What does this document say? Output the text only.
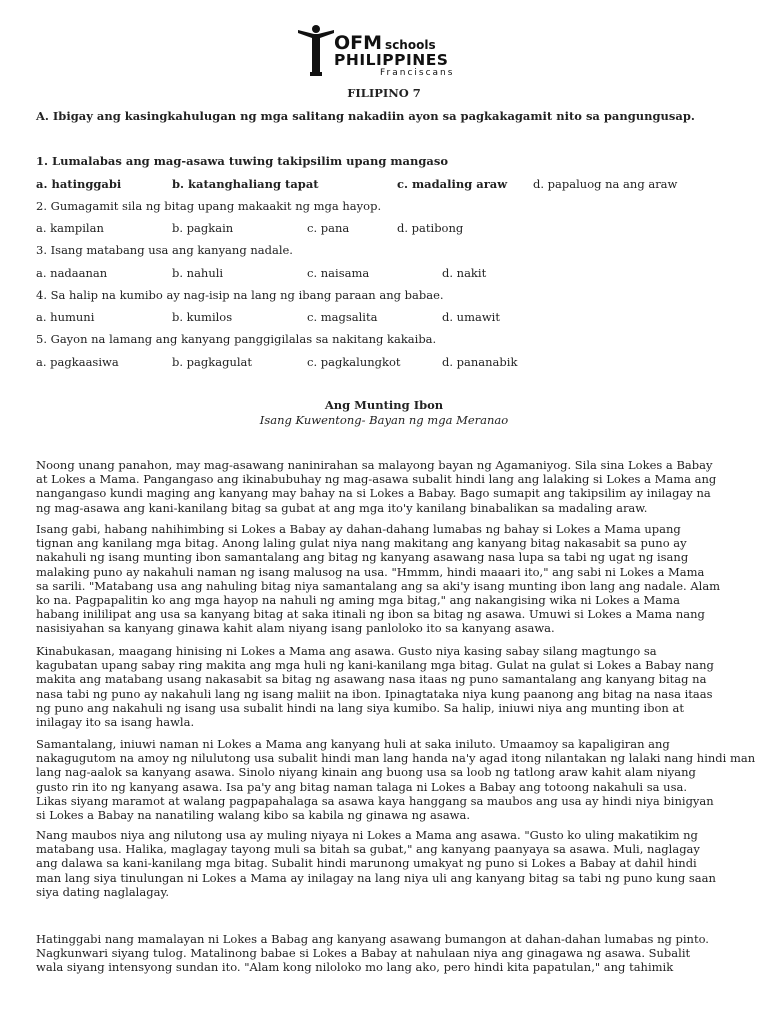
OFM schools
PHILIPPINES
Franciscans
FILIPINO 7
A. Ibigay ang kasingkahulugan ng mga salitang nakadiin ayon sa pagkakagamit nito sa pangungusap.
1. Lumalabas ang mag-asawa tuwing takipsilim upang mangaso
a. hatinggabi	b. katanghaliang tapat	c. madaling araw d. papaluog na ang araw
2. Gumagamit sila ng bitag upang makaakit ng mga hayop.
a. kampilan	b. pagkain	c. pana	d. patibong
3. Isang matabang usa ang kanyang nadale.
a. nadaanan	b. nahuli	c. naisama	d. nakit
4. Sa halip na kumibo ay nag-isip na lang ng ibang paraan ang babae.
a. humuni	b. kumilos	c. magsalita	d. umawit
5. Gayon na lamang ang kanyang panggigilalas sa nakitang kakaiba.
a. pagkaasiwa	b. pagkagulat	c. pagkalungkot	d. pananabik
Ang Munting Ibon
Isang Kuwentong- Bayan ng mga Meranao
Noong unang panahon, may mag-asawang naninirahan sa malayong bayan ng Agamaniyog. Sila sina Lokes a Babay
at Lokes a Mama. Pangangaso ang ikinabubuhay ng mag-asawa subalit hindi lang ang lalaking si Lokes a Mama ang
nangangaso kundi maging ang kanyang may bahay na si Lokes a Babay. Bago sumapit ang takipsilim ay inilagay na
ng mag-asawa ang kani-kanilang bitag sa gubat at ang mga ito'y kanilang binabalikan sa madaling araw.
Isang gabi, habang nahihimbing si Lokes a Babay ay dahan-dahang lumabas ng bahay si Lokes a Mama upang
tignan ang kanilang mga bitag. Anong laling gulat niya nang makitang ang kanyang bitag nakasabit sa puno ay
nakahuli ng isang munting ibon samantalang ang bitag ng kanyang asawang nasa lupa sa tabi ng ugat ng isang
malaking puno ay nakahuli naman ng isang malusog na usa. "Hmmm, hindi maaari ito," ang sabi ni Lokes a Mama
sa sarili. "Matabang usa ang nahuling bitag niya samantalang ang sa aki'y isang munting ibon lang ang nadale. Alam
ko na. Pagpapalitin ko ang mga hayop na nahuli ng aming mga bitag," ang nakangising wika ni Lokes a Mama
habang inililipat ang usa sa kanyang bitag at saka itinali ng ibon sa bitag ng asawa. Umuwi si Lokes a Mama nang
nasisiyahan sa kanyang ginawa kahit alam niyang isang panloloko ito sa kanyang asawa.
Kinabukasan, maagang hinising ni Lokes a Mama ang asawa. Gusto niya kasing sabay silang magtungo sa
kagubatan upang sabay ring makita ang mga huli ng kani-kanilang mga bitag. Gulat na gulat si Lokes a Babay nang
makita ang matabang usang nakasabit sa bitag ng asawang nasa itaas ng puno samantalang ang kanyang bitag na
nasa tabi ng puno ay nakahuli lang ng isang maliit na ibon. Ipinagtataka niya kung paanong ang bitag na nasa itaas
ng puno ang nakahuli ng isang usa subalit hindi na lang siya kumibo. Sa halip, iniuwi niya ang munting ibon at
inilagay ito sa isang hawla.
Samantalang, iniuwi naman ni Lokes a Mama ang kanyang huli at saka iniluto. Umaamoy sa kapaligiran ang
nakagugutom na amoy ng nilulutong usa subalit hindi man lang handa na'y agad itong nilantakan ng lalaki nang hindi man
lang nag-aalok sa kanyang asawa. Sinolo niyang kinain ang buong usa sa loob ng tatlong araw kahit alam niyang
gusto rin ito ng kanyang asawa. Isa pa'y ang bitag naman talaga ni Lokes a Babay ang totoong nakahuli sa usa.
Likas siyang maramot at walang pagpapahalaga sa asawa kaya hanggang sa maubos ang usa ay hindi niya binigyan
si Lokes a Babay na nanatiling walang kibo sa kabila ng ginawa ng asawa.
Nang maubos niya ang nilutong usa ay muling niyaya ni Lokes a Mama ang asawa. "Gusto ko uling makatikim ng
matabang usa. Halika, maglagay tayong muli sa bitah sa gubat," ang kanyang paanyaya sa asawa. Muli, naglagay
ang dalawa sa kani-kanilang mga bitag. Subalit hindi marunong umakyat ng puno si Lokes a Babay at dahil hindi
man lang siya tinulungan ni Lokes a Mama ay inilagay na lang niya uli ang kanyang bitag sa tabi ng puno kung saan
siya dating naglalagay.
Hatinggabi nang mamalayan ni Lokes a Babag ang kanyang asawang bumangon at dahan-dahan lumabas ng pinto.
Nagkunwari siyang tulog. Matalinong babae si Lokes a Babay at nahulaan niya ang ginagawa ng asawa. Subalit
wala siyang intensyong sundan ito. "Alam kong niloloko mo lang ako, pero hindi kita papatulan," ang tahimik
